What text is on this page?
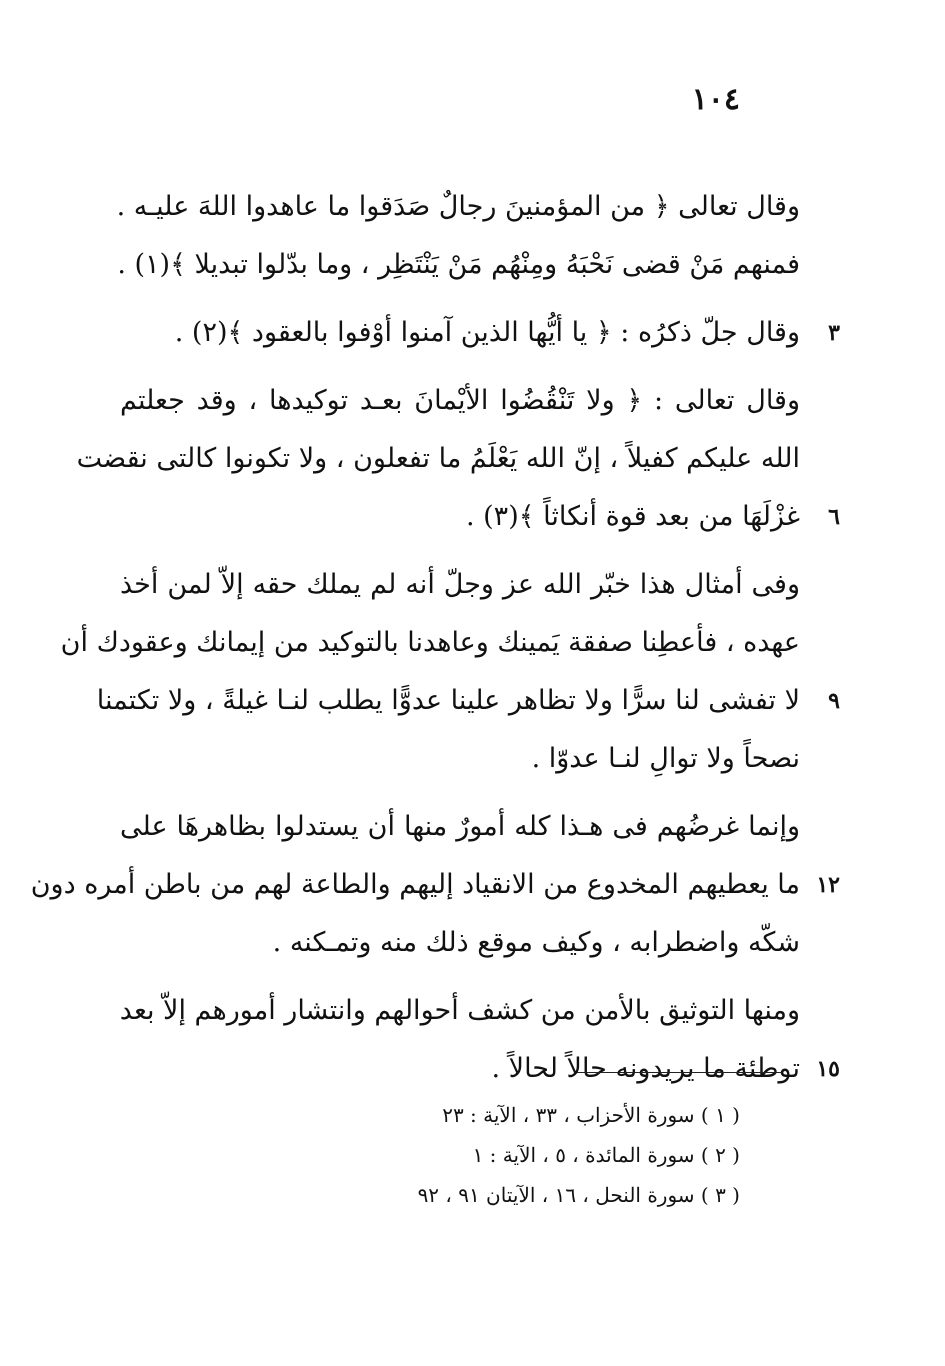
١٠٤
وقال تعالى ﴿ من المؤمنينَ رجالٌ صَدَقوا ما عاهدوا اللهَ عليـه .
فمنهم مَنْ قضى نَحْبَهُ ومِنْهُم مَنْ يَنْتَظِر ، وما بدّلوا تبديلا ﴾(١) .
وقال جلّ ذكرُه : ﴿ يا أيُّها الذين آمنوا أوْفوا بالعقود ﴾(٢) .	٣
وقال تعالى : ﴿ ولا تَنْقُضُوا الأيْمانَ بعـد توكيدها ، وقد جعلتم
الله عليكم كفيلاً ، إنّ الله يَعْلَمُ ما تفعلون ، ولا تكونوا كالتى نقضت
غزْلَهَا من بعد قوة أنكاثاً ﴾(٣) .	٦
وفى أمثال هذا خبّر الله عز وجلّ أنه لم يملك حقه إلاّ لمن أخذ
عهده ، فأعطِنا صفقة يَمينك وعاهدنا بالتوكيد من إيمانك وعقودك أن
لا تفشى لنا سرًّا ولا تظاهر علينا عدوًّا يطلب لنـا غيلةً ، ولا تكتمنا	٩
نصحاً ولا توالِ لنـا عدوّا .
وإنما غرضُهم فى هـذا كله أمورٌ منها أن يستدلوا بظاهرهَا على
ما يعطيهم المخدوع من الانقياد إليهم والطاعة لهم من باطن أمره دون ١٢
شكّه واضطرابه ، وكيف موقع ذلك منه وتمـكنه .
ومنها التوثيق بالأمن من كشف أحوالهم وانتشار أمورهم إلاّ بعد
توطئة ما يريدونه حالاً لحالاً . ١٥
( ١ ) سورة الأحزاب ، ٣٣ ، الآية : ٢٣
( ٢ ) سورة المائدة ، ٥ ، الآية : ١
( ٣ ) سورة النحل ، ١٦ ، الآيتان ٩١ ، ٩٢
